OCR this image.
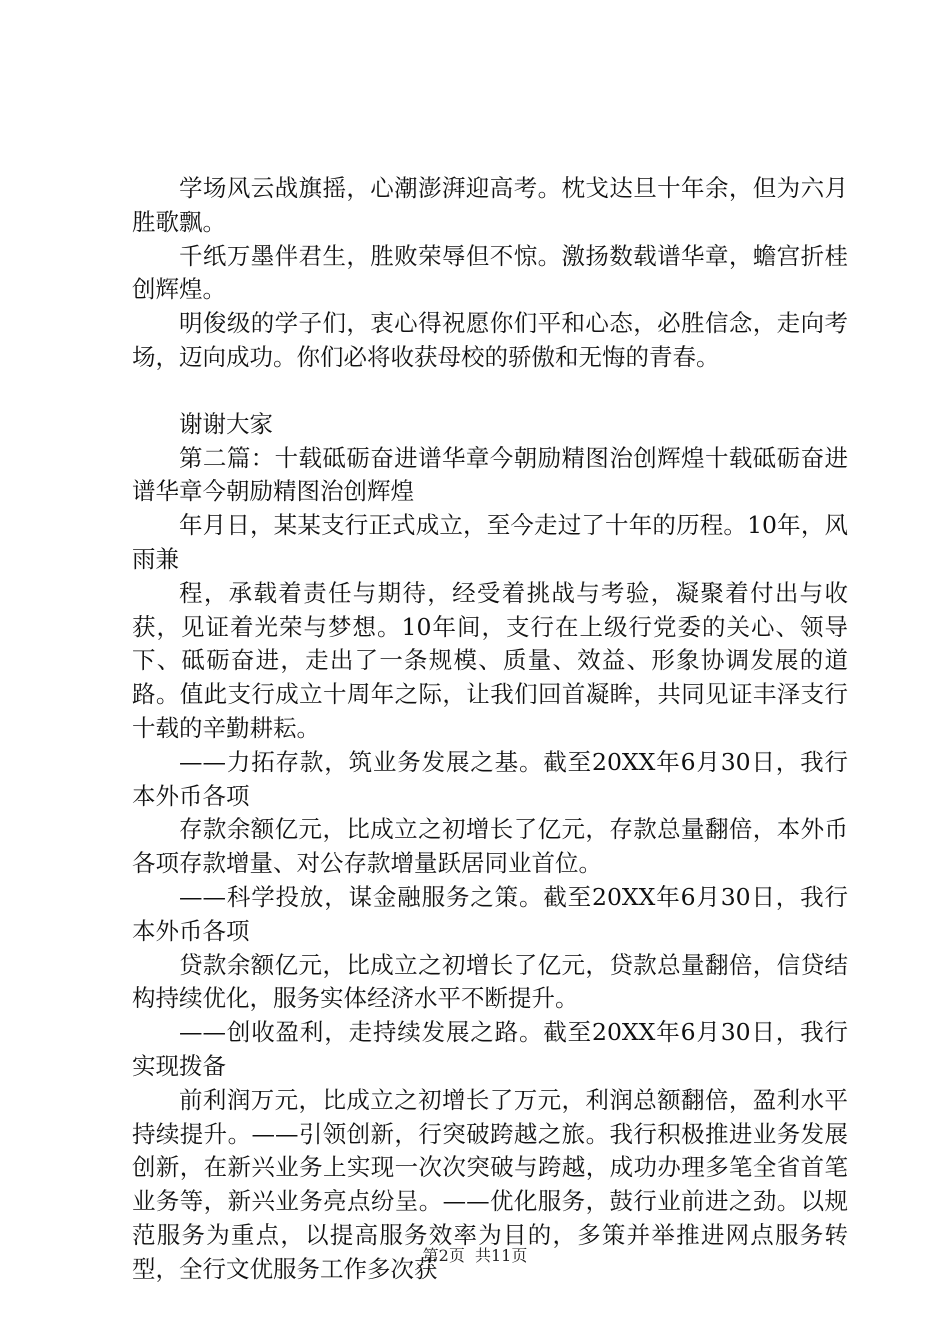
学场风云战旗摇，心潮澎湃迎高考。枕戈达旦十年余，但为六月胜歌飘。

千纸万墨伴君生，胜败荣辱但不惊。激扬数载谱华章，蟾宫折桂创辉煌。

明俊级的学子们，衷心得祝愿你们平和心态，必胜信念，走向考场，迈向成功。你们必将收获母校的骄傲和无悔的青春。

谢谢大家

第二篇：十载砥砺奋进谱华章今朝励精图治创辉煌十载砥砺奋进谱华章今朝励精图治创辉煌

年月日，某某支行正式成立，至今走过了十年的历程。10年，风雨兼

程，承载着责任与期待，经受着挑战与考验，凝聚着付出与收获，见证着光荣与梦想。10年间，支行在上级行党委的关心、领导下、砥砺奋进，走出了一条规模、质量、效益、形象协调发展的道路。值此支行成立十周年之际，让我们回首凝眸，共同见证丰泽支行十载的辛勤耕耘。

——力拓存款，筑业务发展之基。截至20XX年6月30日，我行本外币各项

存款余额亿元，比成立之初增长了亿元，存款总量翻倍，本外币各项存款增量、对公存款增量跃居同业首位。

——科学投放，谋金融服务之策。截至20XX年6月30日，我行本外币各项

贷款余额亿元，比成立之初增长了亿元，贷款总量翻倍，信贷结构持续优化，服务实体经济水平不断提升。

——创收盈利，走持续发展之路。截至20XX年6月30日，我行实现拨备

前利润万元，比成立之初增长了万元，利润总额翻倍，盈利水平持续提升。——引领创新，行突破跨越之旅。我行积极推进业务发展创新，在新兴业务上实现一次次突破与跨越，成功办理多笔全省首笔业务等，新兴业务亮点纷呈。——优化服务，鼓行业前进之劲。以规范服务为重点，以提高服务效率为目的，多策并举推进网点服务转型，全行文优服务工作多次获

第2页  共11页
